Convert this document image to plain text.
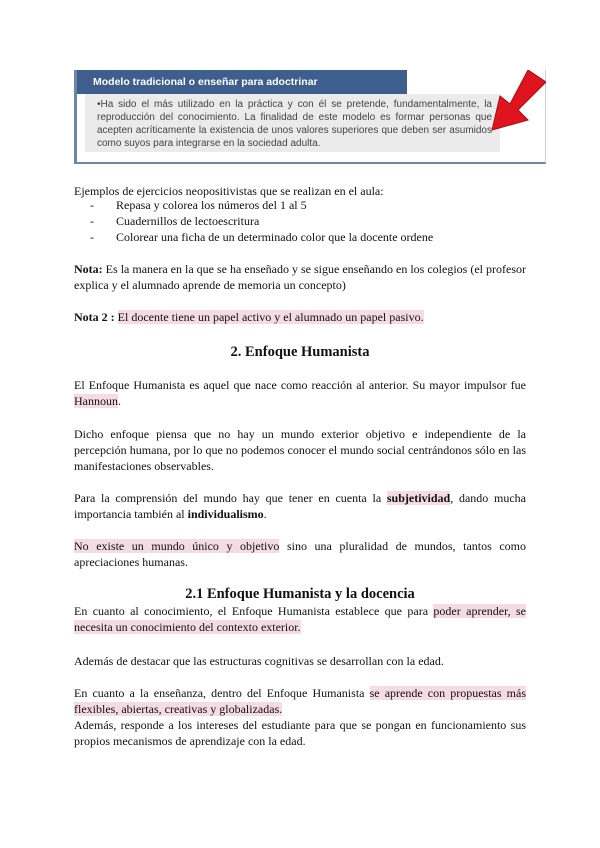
Modelo tradicional o enseñar para adoctrinar

•Ha sido el más utilizado en la práctica y con él se pretende, fundamentalmente, la reproducción del conocimiento. La finalidad de este modelo es formar personas que acepten acríticamente la existencia de unos valores superiores que deben ser asumidos como suyos para integrarse en la sociedad adulta.

Ejemplos de ejercicios neopositivistas que se realizan en el aula:

- Repasa y colorea los números del 1 al 5
- Cuadernillos de lectoescritura
- Colorear una ficha de un determinado color que la docente ordene

Nota: Es la manera en la que se ha enseñado y se sigue enseñando en los colegios (el profesor explica y el alumnado aprende de memoria un concepto)

Nota 2 : El docente tiene un papel activo y el alumnado un papel pasivo.

2. Enfoque Humanista

El Enfoque Humanista es aquel que nace como reacción al anterior. Su mayor impulsor fue Hannoun.

Dicho enfoque piensa que no hay un mundo exterior objetivo e independiente de la percepción humana, por lo que no podemos conocer el mundo social centrándonos sólo en las manifestaciones observables.

Para la comprensión del mundo hay que tener en cuenta la subjetividad, dando mucha importancia también al individualismo.

No existe un mundo único y objetivo sino una pluralidad de mundos, tantos como apreciaciones humanas.

2.1 Enfoque Humanista y la docencia

En cuanto al conocimiento, el Enfoque Humanista establece que para poder aprender, se necesita un conocimiento del contexto exterior.

Además de destacar que las estructuras cognitivas se desarrollan con la edad.

En cuanto a la enseñanza, dentro del Enfoque Humanista se aprende con propuestas más flexibles, abiertas, creativas y globalizadas.

Además, responde a los intereses del estudiante para que se pongan en funcionamiento sus propios mecanismos de aprendizaje con la edad.
